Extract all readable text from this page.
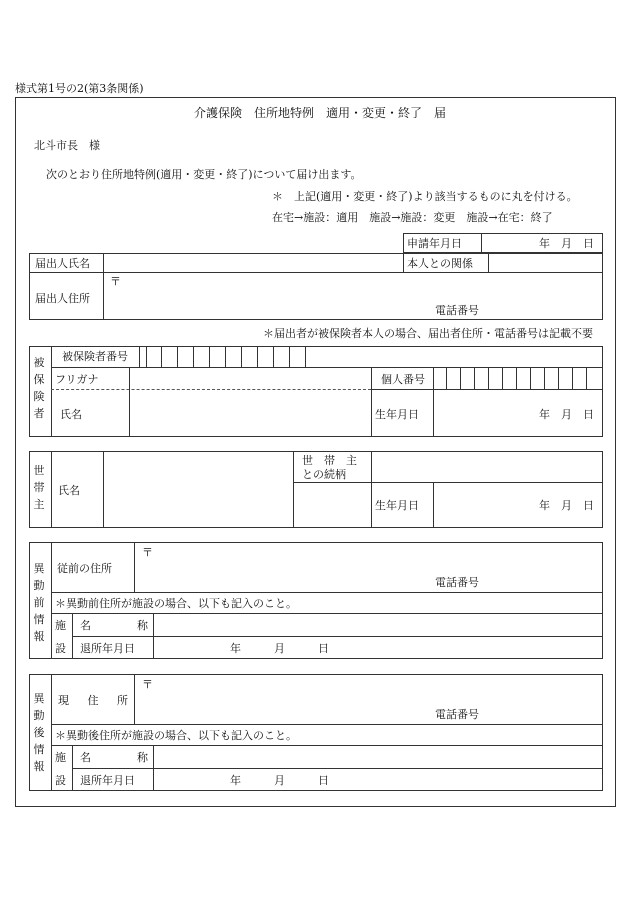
様式第1号の2(第3条関係)
介護保険　住所地特例　適用・変更・終了　届
北斗市長　様
次のとおり住所地特例(適用・変更・終了)について届け出ます。
＊　上記(適用・変更・終了)より該当するものに丸を付ける。
在宅→施設：適用　施設→施設：変更　施設→在宅：終了
申請年月日	年　月　日
届出人氏名	本人との関係
届出人住所
〒
電話番号
＊届出者が被保険者本人の場合、届出者住所・電話番号は記載不要
被保険者
被保険者番号
フリガナ	個人番号
氏名	生年月日	年　月　日
世帯主
氏名
世　帯　主
との続柄
生年月日	年　月　日
異動前情報
従前の住所
〒
電話番号
＊異動前住所が施設の場合、以下も記入のこと。
施
設
名	称
退所年月日	年　　　月　　　日
異動後情報
現 住 所
〒
電話番号
＊異動後住所が施設の場合、以下も記入のこと。
施
設
名	称
退所年月日	年　　　月　　　日
